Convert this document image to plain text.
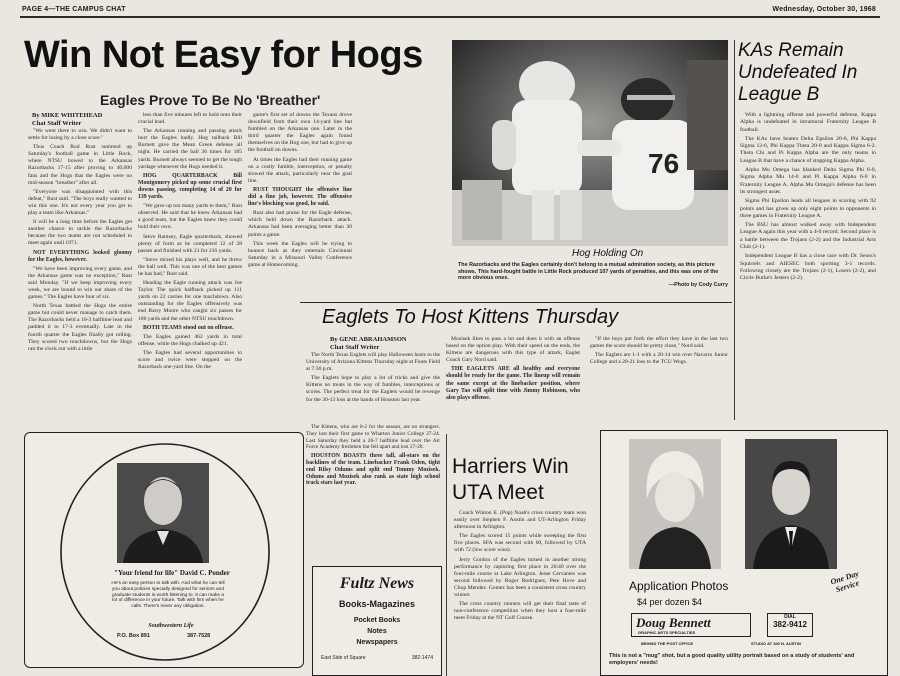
PAGE 4—THE CAMPUS CHAT	Wednesday, October 30, 1968
Win Not Easy for Hogs
Eagles Prove To Be No 'Breather'
By MIKE WHITEHEAD
Chat Staff Writer

"We went there to win. We didn't want to settle for losing by a close score."

Thus Coach Rod Rust summed up Saturday's football game in Little Rock, where NTSU bowed to the Arkansas Razorbacks 17-15 after proving to 40,000 fans and the Hogs that the Eagles were no mid-season "breather" after all.

"Everyone was disappointed with this defeat," Rust said. "The boys really wanted to win this one. It's not every year you get to play a team like Arkansas."

It will be a long time before the Eagles get another chance to tackle the Razorbacks because the two teams are not scheduled to meet again until 1971.

NOT EVERYTHING looked gloomy for the Eagles, however.

"We have been improving every game, and the Arkansas game was no exception," Rust said Monday. "If we keep improving every week, we are bound to win our share of the games." The Eagles have four of six.

North Texas battled the Hogs the entire game but could never manage to catch them. The Razorbacks held a 10-3 halftime lead and padded it to 17-3 eventually. Late in the fourth quarter the Eagles finally got rolling. They scored two touchdowns, but the Hogs ran the clock out with a little

less than five minutes left to hold onto their crucial lead.

The Arkansas running and passing attack hurt the Eagles badly. Hog tailback Bill Burnett gave the Mean Green defense all night. He carried the ball 36 times for 185 yards. Burnett always seemed to get the tough yardage whenever the Hogs needed it.

HOG QUARTERBACK Bill Montgomery picked up some crucial first downs passing, completing 14 of 20 for 139 yards.

"We gave up too many yards to them," Rust observed. He said that he knew Arkansas had a good team, but the Eagles knew they could hold their own.

Steve Ramsey, Eagle quarterback, showed plenty of form as he completed 12 of 28 passes and finished with 21 for 216 yards.

"Steve mixed his plays well, and he threw the ball well. This was one of the best games he has had," Rust said.

Heading the Eagle running attack was Joe Taylor. The quick halfback picked up 111 yards on 22 carries for one touchdown. Also outstanding for the Eagles offensively was end Barry Moore who caught six passes for 106 yards and the other NTSU touchdown.

BOTH TEAMS stood out on offense.

The Eagles gained 462 yards in total offense, while the Hogs chalked up 421.

The Eagles had several opportunities to score and twice were stopped on the Razorback one-yard line. On the

game's first set of downs the Texans drove downfield from their own 14-yard line but fumbled on the Arkansas one. Later in the third quarter the Eagles again found themselves on the Hog one, but had to give up the football on downs.

At times the Eagles had their running game on a costly fumble, interception, or penalty slowed the attack, particularly near the goal line.

RUST THOUGHT the offensive line did a fine job, however. The offensive line's blocking was good, he said.

Rust also had praise for the Eagle defense, which held down the Razorback attack. Arkansas had been averaging better than 30 points a game.

This week the Eagles will be trying to bounce back as they entertain Cincinnati Saturday in a Missouri Valley Conference game at Homecoming.

76
Hog Holding On
The Razorbacks and the Eagles certainly don't belong to a mutual admiration society, as this picture shows. This hard-fought battle in Little Rock produced 107 yards of penalties, and this was one of the more obvious ones.
—Photo by Cody Curry
KAs Remain Undefeated In League B

With a lightning offense and powerful defense, Kappa Alpha is undefeated in intramural Fraternity League B football.

The KAs have beaten Delta Epsilon 20-6, Phi Kappa Sigma 12-6, Phi Kappa Theta 20-0 and Kappa Sigma 6-2. Theta Chi and Pi Kappa Alpha are the only teams in League B that have a chance of stopping Kappa Alpha.

Alpha Mu Omega has blanked Delta Sigma Phi 6-0, Sigma Alpha Mu 14-0 and Pi Kappa Alpha 6-0 in Fraternity League A. Alpha Mu Omega's defense has been its strongest asset.

Sigma Phi Epsilon leads all leagues in scoring with 92 points and has given up only eight points to opponents in three games in Fraternity League A.

The BSU has almost walked away with Independent League A again this year with a 4-0 record. Second place is a battle between the Trojans (2-2) and the Industrial Arts Club (2-1).

Independent League B has a close race with Dr. Seuss's Squirrels and AIESEC both sporting 3-1 records. Following closely are the Trojans (2-1), Losers (2-2), and Circle Burke's Jesters (2-2).

Eaglets To Host Kittens Thursday
By GENE ABRAHAMSON
Chat Staff Writer

The North Texas Eaglets will play Halloween hosts to the University of Arizona Kittens Thursday night at Fouts Field at 7:30 p.m.

The Eaglets hope to play a lot of tricks and give the Kittens no treats in the way of fumbles, interceptions or scores. The perfect treat for the Eaglets would be revenge for the 30-13 loss at the hands of Houston last year.

The Kittens, who are 0-2 for the season, are no strangers. They lost their first game to Wharton Junior College 27-24. Last Saturday they held a 20-7 halftime lead over the Air Force Academy freshmen but fell apart and lost 27-20.

HOUSTON BOASTS three tall, all-stars on the backlines of the team. Linebacker Frank Oden, tight end Rilsy Odums and split end Tommy Mozisek. Odums and Mozisek also rank as state high school track stars last year.

Mozisek likes to pass a lot and does it with an offense based on the option play. With their speed on the ends, the Kittens are dangerous with this type of attack, Eaglet Coach Gary Nord said.

THE EAGLETS ARE all healthy and everyone should be ready for the game. The lineup will remain the same except at the linebacker position, where Gary Tao will split time with Jimmy Robinson, who also plays offense.

"If the boys put forth the effort they have in the last two games the score should be pretty close," Nord said.

The Eaglets are 1-1 with a 20-14 win over Navarro Junior College and a 28-21 loss to the TCU Wogs.

Harriers Win UTA Meet

Coach Winton E. (Pop) Noah's cross country team won easily over Stephen F. Austin and UT-Arlington Friday afternoon in Arlington.

The Eagles scored 15 points while sweeping the first five places. SFA was second with 60, followed by UTA with 72 (low score wins).

Jerry Gordon of the Eagles turned in another strong performance by capturing first place in 20:40 over the four-mile course at Lake Arlington. Jesse Cervantes was second followed by Roger Rodriguez, Pete Hove and Chop Mendez. Gomez has been a consistent cross country winner.

The cross country runners will get their final taste of non-conference competition when they host a four-mile meet Friday at the NT Golf Course.

"Your friend for life" David C. Ponder
He's an easy person to talk with. And what he can tell you about policies specially designed for seniors and graduate students is worth listening to. It can make a lot of difference in your future. Talk with him when he calls. There's never any obligation.
Southwestern Life
P.O. Box 891	387-7528
Fultz News
Books-Magazines
Pocket Books
Notes
Newspapers
East Side of Square	382-1474
Application Photos
$4 per dozen $4
One Day Service
Doug Bennett
GRAPHIC ARTS SPECIALTIES
DIAL
382-9412
BEHIND THE POST OFFICE	STUDIO AT 300 N. AUSTIN
This is not a "mug" shot, but a good quality utility portrait based on a study of students' and employers' needs!
